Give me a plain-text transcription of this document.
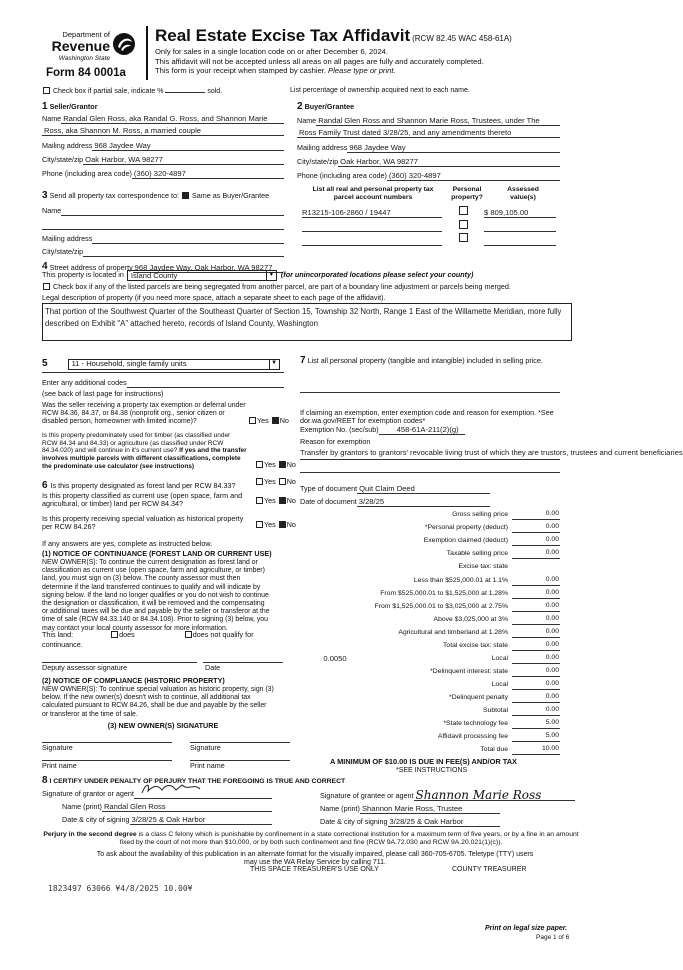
Department of
Revenue
Washington State
Form 84 0001a
Real Estate Excise Tax Affidavit (RCW 82.45 WAC 458-61A)
Only for sales in a single location code on or after December 6, 2024.
This affidavit will not be accepted unless all areas on all pages are fully and accurately completed.
This form is your receipt when stamped by cashier. Please type or print.
Check box if partial sale, indicate %	sold.	List percentage of ownership acquired next to each name.
1 Seller/Grantor
Name Randal Glen Ross, aka Randal G. Ross, and Shannon Marie
Ross, aka Shannon M. Ross, a married couple
Mailing address 968 Jaydee Way
City/state/zip Oak Harbor, WA 98277
Phone (including area code) (360) 320-4897
2 Buyer/Grantee
Name Randal Glen Ross and Shannon Marie Ross, Trustees, under The
Ross Family Trust dated 3/28/25, and any amendments thereto
Mailing address 968 Jaydee Way
City/state/zip Oak Harbor, WA 98277
Phone (including area code) (360) 320-4897
3 Send all property tax correspondence to: Same as Buyer/Grantee
Name
Mailing address
City/state/zip
List all real and personal property tax
parcel account numbers
Personal
property?
Assessed
value(s)
R13215-106-2860 / 19447	$ 809,105.00
4 Street address of property 968 Jaydee Way, Oak Harbor, WA 98277
This property is located in Island County	▼ (for unincorporated locations please select your county)
Check box if any of the listed parcels are being segregated from another parcel, are part of a boundary line adjustment or parcels being merged.
Legal description of property (if you need more space, attach a separate sheet to each page of the affidavit).
That portion of the Southwest Quarter of the Southeast Quarter of Section 15, Township 32 North, Range 1 East of the Willamette Meridian, more fully described on Exhibit "A" attached hereto, records of Island County, Washington
5	11 - Household, single family units	▼
Enter any additional codes
(see back of last page for instructions)
Was the seller receiving a property tax exemption or deferral under RCW 84.36, 84.37, or 84.38 (nonprofit org., senior citizen or disabled person, homeowner with limited income)?	Yes No
Is this property predominately used for timber (as classified under RCW 84.34 and 84.33) or agriculture (as classified under RCW 84.34.020) and will continue in it's current use? If yes and the transfer involves multiple parcels with different classifications, complete the predominate use calculator (see instructions)	Yes No
6 Is this property designated as forest land per RCW 84.33?	Yes No
Is this property classified as current use (open space, farm and agricultural, or timber) land per RCW 84.34?	Yes No
Is this property receiving special valuation as historical property per RCW 84.26?	Yes No
If any answers are yes, complete as instructed below.
(1) NOTICE OF CONTINUANCE (FOREST LAND OR CURRENT USE)
NEW OWNER(S): To continue the current designation as forest land or classification as current use (open space, farm and agriculture, or timber) land, you must sign on (3) below. The county assessor must then determine if the land transferred continues to qualify and will indicate by signing below. If the land no longer qualifies or you do not wish to continue the designation or classification, it will be removed and the compensating or additional taxes will be due and payable by the seller or transferor at the time of sale (RCW 84.33.140 or 84.34.108). Prior to signing (3) below, you may contact your local county assessor for more information.
This land:	does	does not qualify for
continuance.
Deputy assessor signature	Date
(2) NOTICE OF COMPLIANCE (HISTORIC PROPERTY)
NEW OWNER(S): To continue special valuation as historic property, sign (3) below. If the new owner(s) doesn't wish to continue, all additional tax calculated pursuant to RCW 84.26, shall be due and payable by the seller or transferor at the time of sale.
(3) NEW OWNER(S) SIGNATURE
Signature	Signature
Print name	Print name
7 List all personal property (tangible and intangible) included in selling price.
If claiming an exemption, enter exemption code and reason for exemption. *See dor.wa.gov/REET for exemption codes*
Exemption No. (sec/sub)	458-61A-211(2)(g)
Reason for exemption
Transfer by grantors to grantors' revocable living trust of which they are trustors, trustees and current beneficiaries
Type of document Quit Claim Deed
Date of document 3/28/25
Gross selling price	0.00
*Personal property (deduct)	0.00
Exemption claimed (deduct)	0.00
Taxable selling price	0.00
Excise tax: state
Less than $525,000.01 at 1.1%	0.00
From $525,000.01 to $1,525,000 at 1.28%	0.00
From $1,525,000.01 to $3,025,000 at 2.75%	0.00
Above $3,025,000 at 3%	0.00
Agricultural and timberland at 1.28%	0.00
Total excise tax: state	0.00
0.0050	Local	0.00
*Delinquent interest: state	0.00
Local	0.00
*Delinquent penalty	0.00
Subtotal	0.00
*State technology fee	5.00
Affidavit processing fee	5.00
Total due	10.00
A MINIMUM OF $10.00 IS DUE IN FEE(S) AND/OR TAX
*SEE INSTRUCTIONS
8 I CERTIFY UNDER PENALTY OF PERJURY THAT THE FOREGOING IS TRUE AND CORRECT
Signature of grantor or agent
Name (print) Randal Glen Ross
Date & city of signing 3/28/25 & Oak Harbor
Signature of grantee or agent Shannon Marie Ross
Name (print) Shannon Marie Ross, Trustee
Date & city of signing 3/28/25 & Oak Harbor
Perjury in the second degree is a class C felony which is punishable by confinement in a state correctional institution for a maximum term of five years, or by a fine in an amount fixed by the court of not more than $10,000, or by both such confinement and fine (RCW 9A.72.030 and RCW 9A.20.021(1)(c)).
To ask about the availability of this publication in an alternate format for the visually impaired, please call 360-705-6705. Teletype (TTY) users may use the WA Relay Service by calling 711.
THIS SPACE TREASURER'S USE ONLY	COUNTY TREASURER
1823497 63066 ¥4/8/2025 10.00¥
Print on legal size paper.
Page 1 of 6
